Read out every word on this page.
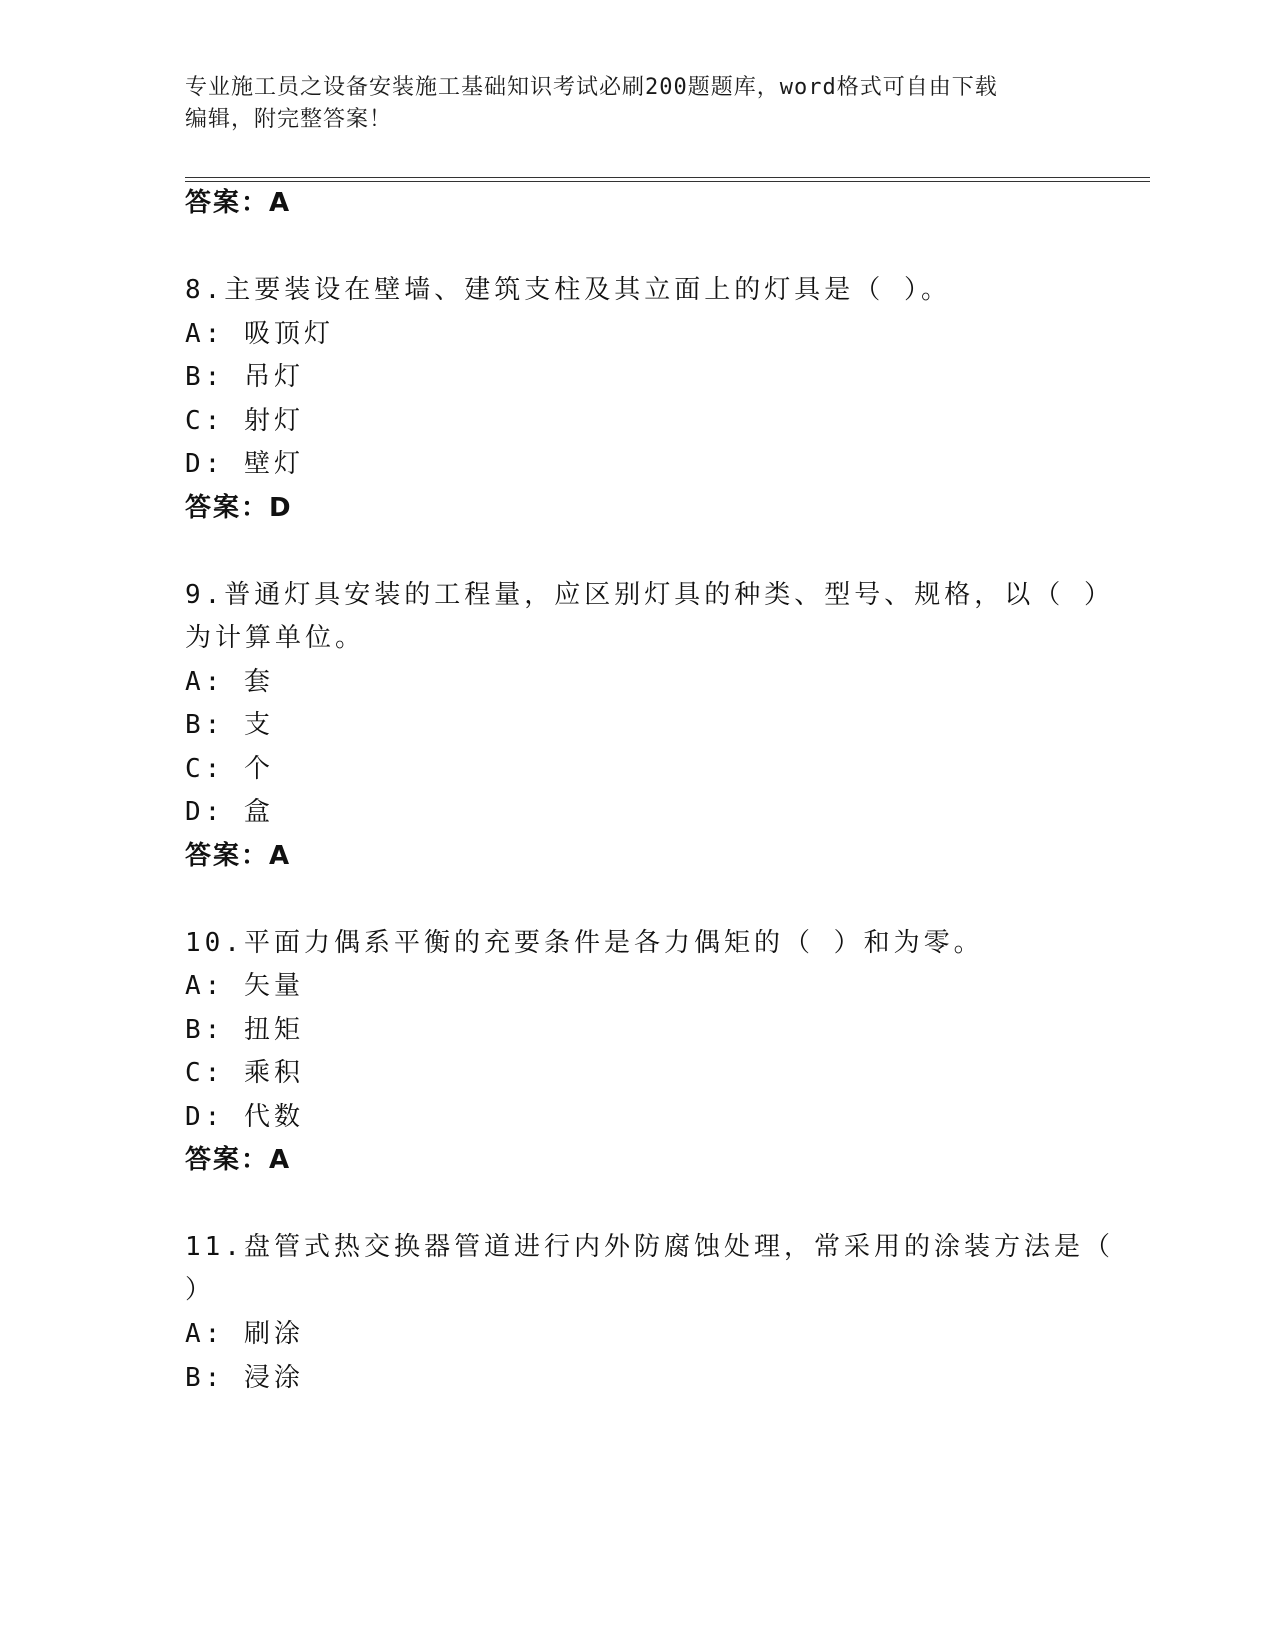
专业施工员之设备安装施工基础知识考试必刷200题题库，word格式可自由下载
编辑，附完整答案！
答案：A
8.主要装设在壁墙、建筑支柱及其立面上的灯具是（ ）。
A: 吸顶灯
B: 吊灯
C: 射灯
D: 壁灯
答案：D
9.普通灯具安装的工程量，应区别灯具的种类、型号、规格，以（ ）
为计算单位。
A: 套
B: 支
C: 个
D: 盒
答案：A
10.平面力偶系平衡的充要条件是各力偶矩的（ ）和为零。
A: 矢量
B: 扭矩
C: 乘积
D: 代数
答案：A
11.盘管式热交换器管道进行内外防腐蚀处理，常采用的涂装方法是（
）
A: 刷涂
B: 浸涂
